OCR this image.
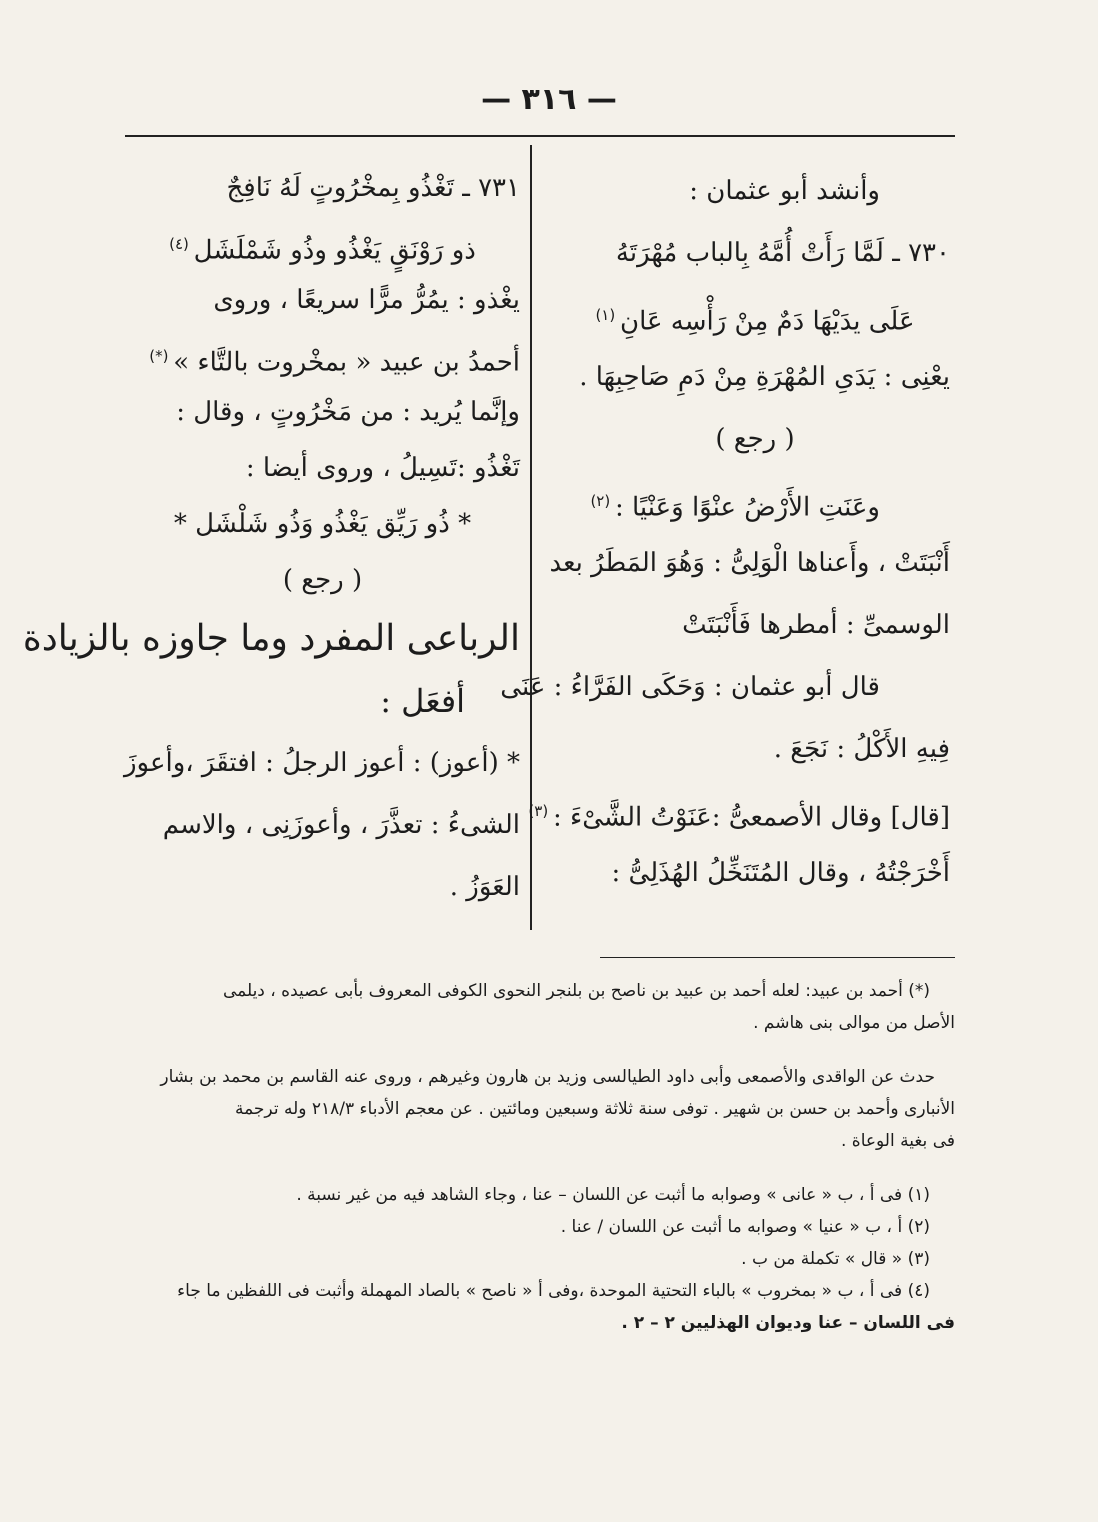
— ٣١٦ —
وأنشد أبو عثمان :
٧٣٠ ـ لَمَّا رَأَتْ أُمَّهُ بِالباب مُهْرَتَهُ
عَلَى يدَيْهَا دَمٌ مِنْ رَأْسِه عَانِ $^{(١)}$
يعْنِى : يَدَىِ المُهْرَةِ مِنْ دَمِ صَاحِبِهَا .
( رجع )
وعَنَتِ الأَرْضُ عنْوًا وَعَنْيًا : $^{(٢)}$
أَنْبَتَتْ ، وأَعناها الْوَلِىُّ : وَهُوَ المَطَرُ بعد
الوسمىِّ : أمطرها فَأَنْبَتَتْ
قال أبو عثمان : وَحَكَى الفَرَّاءُ : عَنَى
فِيهِ الأَكْلُ : نَجَعَ .
[قال] وقال الأصمعىُّ :عَنَوْتُ الشَّىْءَ : $^{(٣)}$
أَخْرَجْتُهُ ، وقال المُتَنَخِّلُ الهُذَلِىُّ :
٧٣١ ـ تَغْذُو بِمخْرُوتٍ لَهُ نَافِجٌ
ذو رَوْنَقٍ يَغْذُو وذُو شَمْلَشَل $^{(٤)}$
يغْذو : يمُرُّ مرًّا سريعًا ، وروى
أحمدُ بن عبيد « بمخْروت بالتَّاء » (*)
وإنَّما يُريد : من مَخْرُوتٍ ، وقال :
تَغْذُو :تَسِيلُ ، وروى أيضا :
* ذُو رَيِّق يَغْذُو وَذُو شَلْشَل *
( رجع )
الرباعى المفرد وما جاوزه بالزيادة
أفعَل :
* (أعوز) : أعوز الرجلُ : افتقَرَ ،وأعوزَ
الشىءُ : تعذَّرَ ، وأعوزَنِى ، والاسم
العَوَزُ .
(*) أحمد بن عبيد: لعله أحمد بن عبيد بن ناصح بن بلنجر النحوى الكوفى المعروف بأبى عصيده ، ديلمى
الأصل من موالى بنى هاشم .
حدث عن الواقدى والأصمعى وأبى داود الطيالسى وزيد بن هارون وغيرهم ، وروى عنه القاسم بن محمد بن بشار
الأنبارى وأحمد بن حسن بن شهير . توفى سنة ثلاثة وسبعين ومائتين . عن معجم الأدباء ٢١٨/٣ وله ترجمة
فى بغية الوعاة .
(١) فى أ ، ب « عانى » وصوابه ما أثبت عن اللسان – عنا ، وجاء الشاهد فيه من غير نسبة .
(٢) أ ، ب « عنيا » وصوابه ما أثبت عن اللسان / عنا .
(٣) « قال » تكملة من ب .
(٤) فى أ ، ب « بمخروب » بالباء التحتية الموحدة ،وفى أ « ناصح » بالصاد المهملة وأثبت فى اللفظين ما جاء
فى اللسان – عنا وديوان الهذليين ٢ – ٢ .
